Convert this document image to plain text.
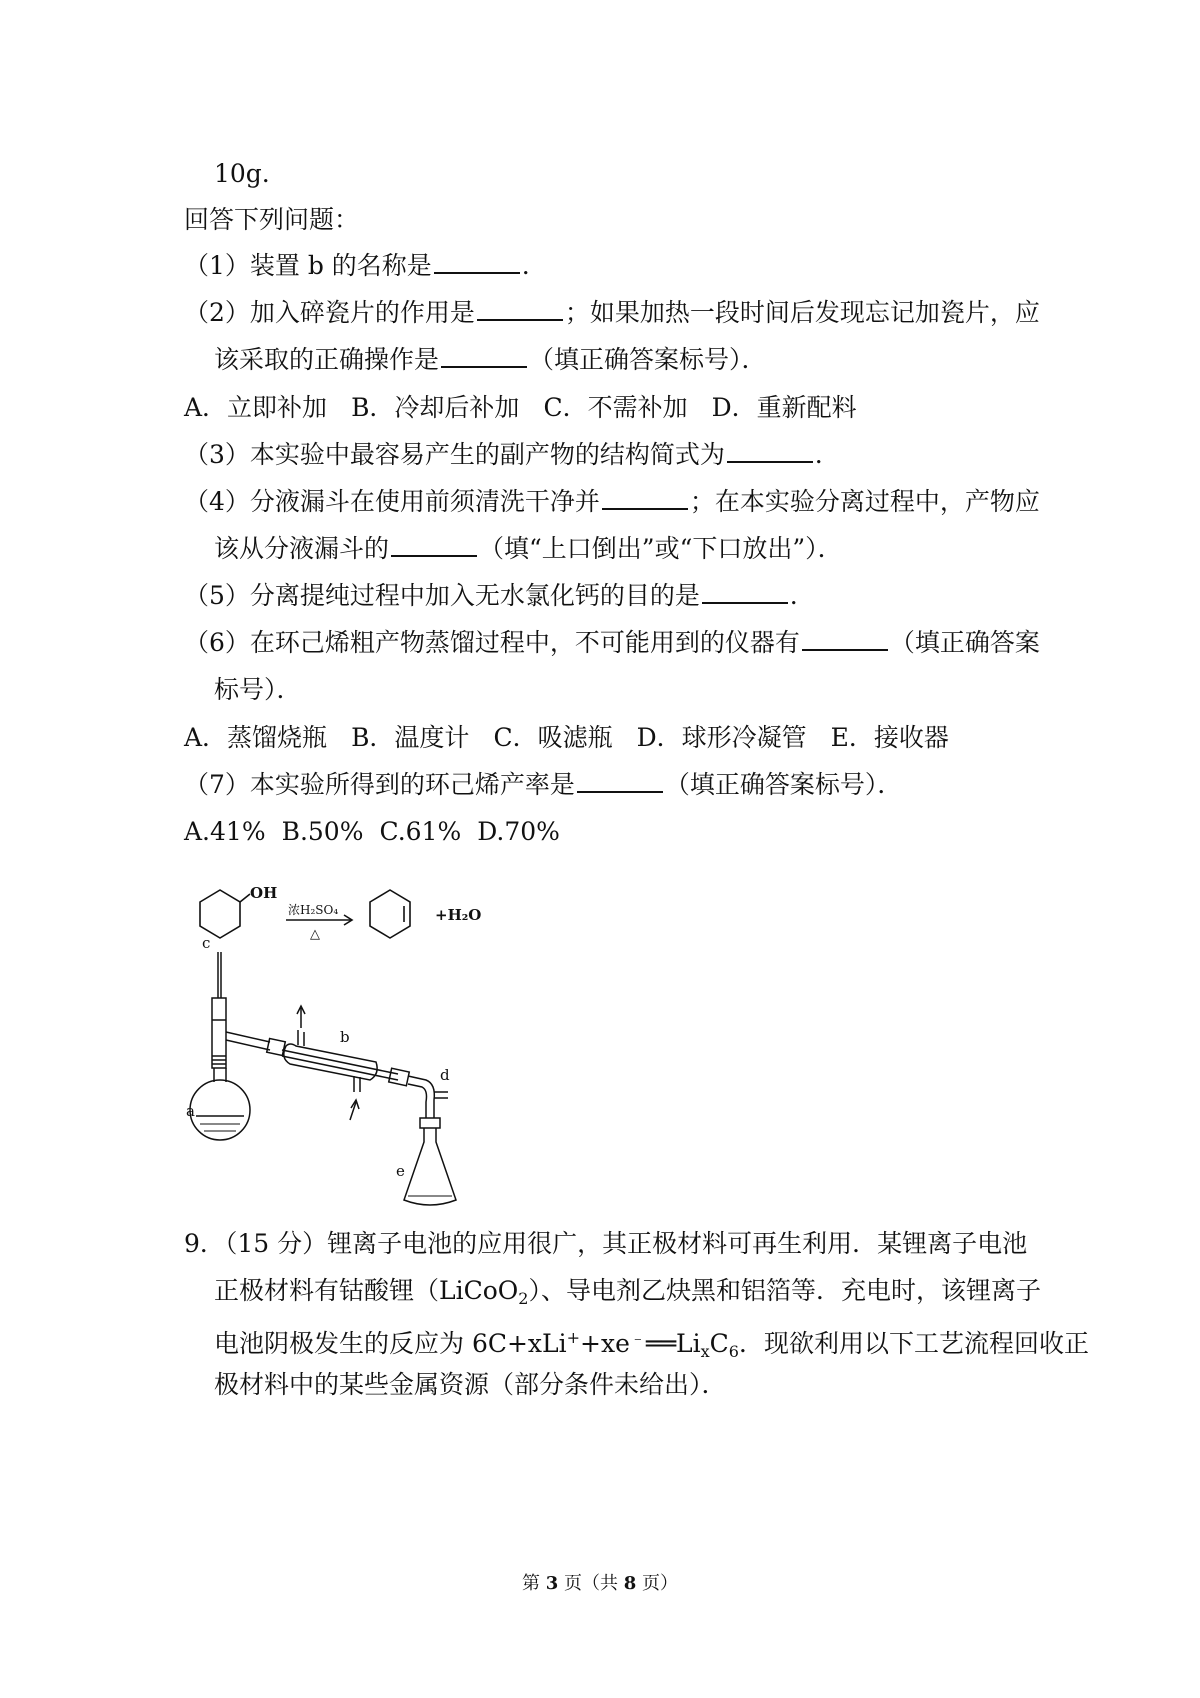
10g．
回答下列问题：
（1）装置 b 的名称是	．
（2）加入碎瓷片的作用是	；如果加热一段时间后发现忘记加瓷片，应
该采取的正确操作是	（填正确答案标号）．
A．立即补加 B．冷却后补加 C．不需补加 D．重新配料
（3）本实验中最容易产生的副产物的结构简式为	．
（4）分液漏斗在使用前须清洗干净并	；在本实验分离过程中，产物应
该从分液漏斗的	（填“上口倒出”或“下口放出”）．
（5）分离提纯过程中加入无水氯化钙的目的是	．
（6）在环己烯粗产物蒸馏过程中，不可能用到的仪器有	（填正确答案
标号）．
A．蒸馏烧瓶 B．温度计 C．吸滤瓶 D．球形冷凝管 E．接收器
（7）本实验所得到的环己烯产率是	（填正确答案标号）．
A.41% B.50% C.61% D.70%
OH
浓H₂SO₄
△
+H₂O
c
b
a
d
e
9．（15 分）锂离子电池的应用很广，其正极材料可再生利用．某锂离子电池
正极材料有钴酸锂（LiCoO$_2$）、导电剂乙炔黑和铝箔等．充电时，该锂离子
电池阴极发生的反应为 $6C+xLi^++xe^﹣══Li_xC_6$．现欲利用以下工艺流程回收正
极材料中的某些金属资源（部分条件未给出）．
第 3 页（共 8 页）
